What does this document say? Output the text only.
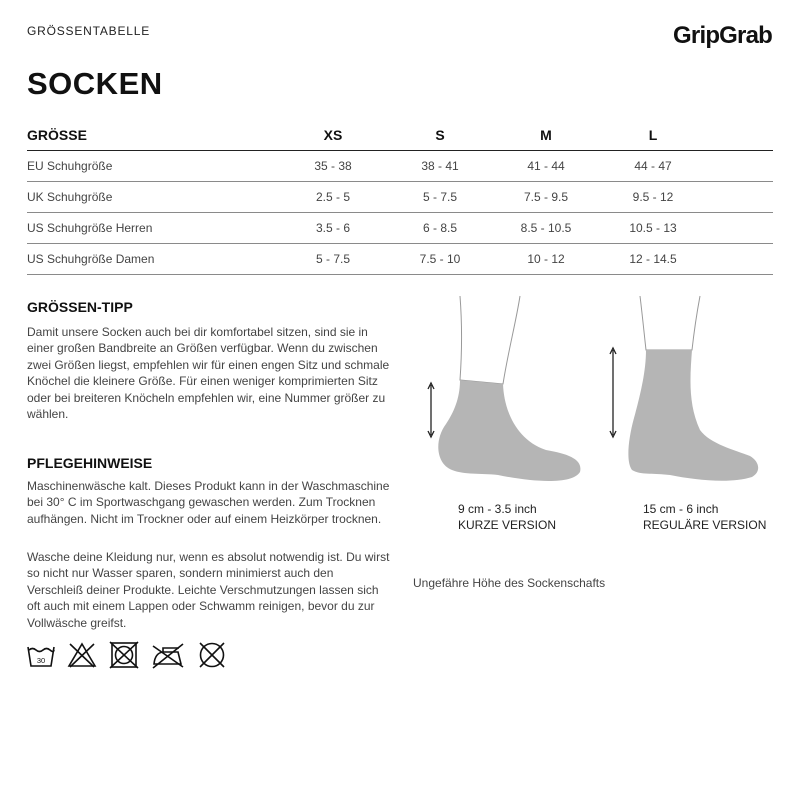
GRÖSSENTABELLE	GripGrab
SOCKEN
GRÖSSE	XS	S	M	L
EU Schuhgröße	35 - 38	38 - 41	41 - 44	44 - 47
UK Schuhgröße	2.5 - 5	5 - 7.5	7.5 - 9.5	9.5 - 12
US Schuhgröße Herren	3.5 - 6	6 - 8.5	8.5 - 10.5	10.5 - 13
US Schuhgröße Damen	5 - 7.5	7.5 - 10	10 - 12	12 - 14.5
GRÖSSEN-TIPP

Damit unsere Socken auch bei dir komfortabel sitzen, sind sie in einer großen Bandbreite an Größen verfügbar. Wenn du zwischen zwei Größen liegst, empfehlen wir für einen engen Sitz und schmale Knöchel die kleinere Größe. Für einen weniger komprimierten Sitz oder bei breiteren Knöcheln empfehlen wir, eine Nummer größer zu wählen.

PFLEGEHINWEISE

Maschinenwäsche kalt. Dieses Produkt kann in der Waschmaschine bei 30° C im Sportwaschgang gewaschen werden. Zum Trocknen aufhängen. Nicht im Trockner oder auf einem Heizkörper trocknen.

Wasche deine Kleidung nur, wenn es absolut notwendig ist. Du wirst so nicht nur Wasser sparen, sondern minimierst auch den Verschleiß deiner Produkte. Leichte Verschmutzungen lassen sich oft auch mit einem Lappen oder Schwamm reinigen, bevor du zur Vollwäsche greifst.

30
9 cm - 3.5 inch
KURZE VERSION
15 cm - 6 inch
REGULÄRE VERSION
Ungefähre Höhe des Sockenschafts
